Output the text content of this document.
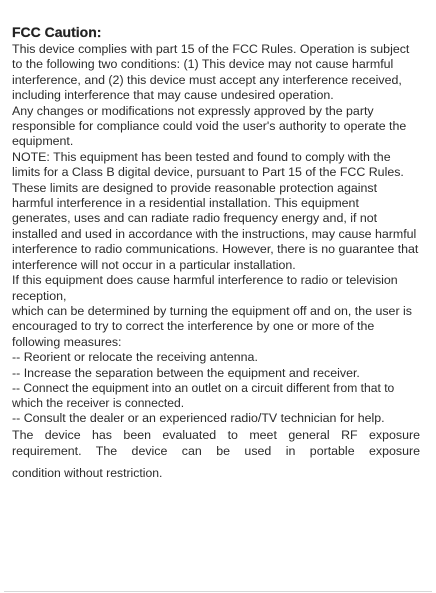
FCC Caution:

This device complies with part 15 of the FCC Rules. Operation is subject to the following two conditions: (1) This device may not cause harmful interference, and (2) this device must accept any interference received, including interference that may cause undesired operation.

Any changes or modifications not expressly approved by the party responsible for compliance could void the user's authority to operate the equipment.

NOTE: This equipment has been tested and found to comply with the limits for a Class B digital device, pursuant to Part 15 of the FCC Rules. These limits are designed to provide reasonable protection against harmful interference in a residential installation. This equipment generates, uses and can radiate radio frequency energy and, if not installed and used in accordance with the instructions, may cause harmful interference to radio communications. However, there is no guarantee that interference will not occur in a particular installation.

If this equipment does cause harmful interference to radio or television reception,

which can be determined by turning the equipment off and on, the user is encouraged to try to correct the interference by one or more of the following measures:

-- Reorient or relocate the receiving antenna.

-- Increase the separation between the equipment and receiver.

-- Connect the equipment into an outlet on a circuit different from that to which the receiver is connected.

-- Consult the dealer or an experienced radio/TV technician for help.

The device has been evaluated to meet general RF exposure requirement. The device can be used in portable exposure

condition without restriction.
